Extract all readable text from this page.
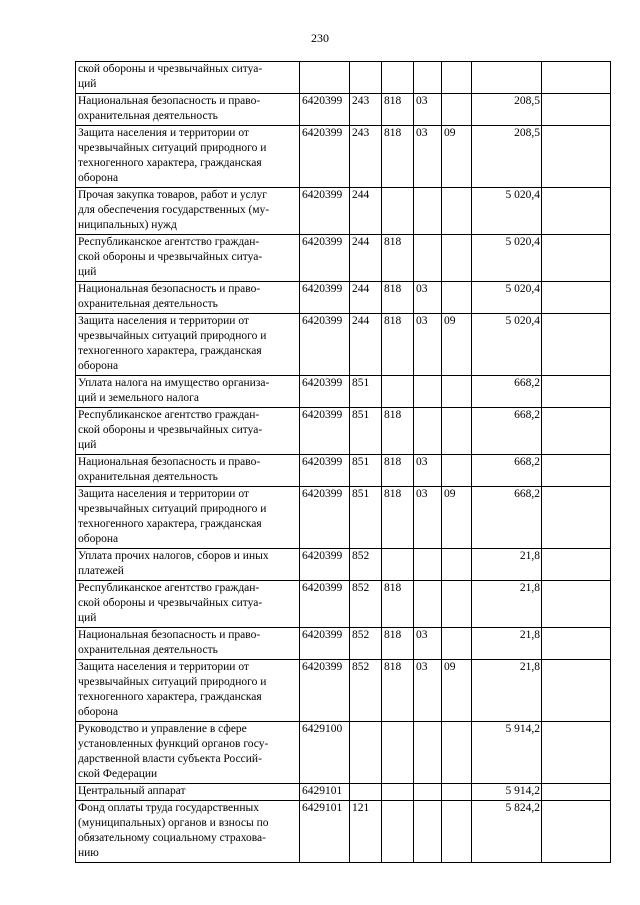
230
ской обороны и чрезвычайных ситуа-
ций							
Национальная безопасность и право-
охранительная деятельность	6420399	243	818	03		208,5	
Защита населения и территории от
чрезвычайных ситуаций природного и
техногенного характера, гражданская
оборона	6420399	243	818	03	09	208,5	
Прочая закупка товаров, работ и услуг
для обеспечения государственных (му-
ниципальных) нужд	6420399	244				5 020,4	
Республиканское агентство граждан-
ской обороны и чрезвычайных ситуа-
ций	6420399	244	818			5 020,4	
Национальная безопасность и право-
охранительная деятельность	6420399	244	818	03		5 020,4	
Защита населения и территории от
чрезвычайных ситуаций природного и
техногенного характера, гражданская
оборона	6420399	244	818	03	09	5 020,4	
Уплата налога на имущество организа-
ций и земельного налога	6420399	851				668,2	
Республиканское агентство граждан-
ской обороны и чрезвычайных ситуа-
ций	6420399	851	818			668,2	
Национальная безопасность и право-
охранительная деятельность	6420399	851	818	03		668,2	
Защита населения и территории от
чрезвычайных ситуаций природного и
техногенного характера, гражданская
оборона	6420399	851	818	03	09	668,2	
Уплата прочих налогов, сборов и иных
платежей	6420399	852				21,8	
Республиканское агентство граждан-
ской обороны и чрезвычайных ситуа-
ций	6420399	852	818			21,8	
Национальная безопасность и право-
охранительная деятельность	6420399	852	818	03		21,8	
Защита населения и территории от
чрезвычайных ситуаций природного и
техногенного характера, гражданская
оборона	6420399	852	818	03	09	21,8	
Руководство и управление в сфере
установленных функций органов госу-
дарственной власти субъекта Россий-
ской Федерации	6429100					5 914,2	
Центральный аппарат	6429101					5 914,2	
Фонд оплаты труда государственных
(муниципальных) органов и взносы по
обязательному социальному страхова-
нию	6429101	121				5 824,2	
